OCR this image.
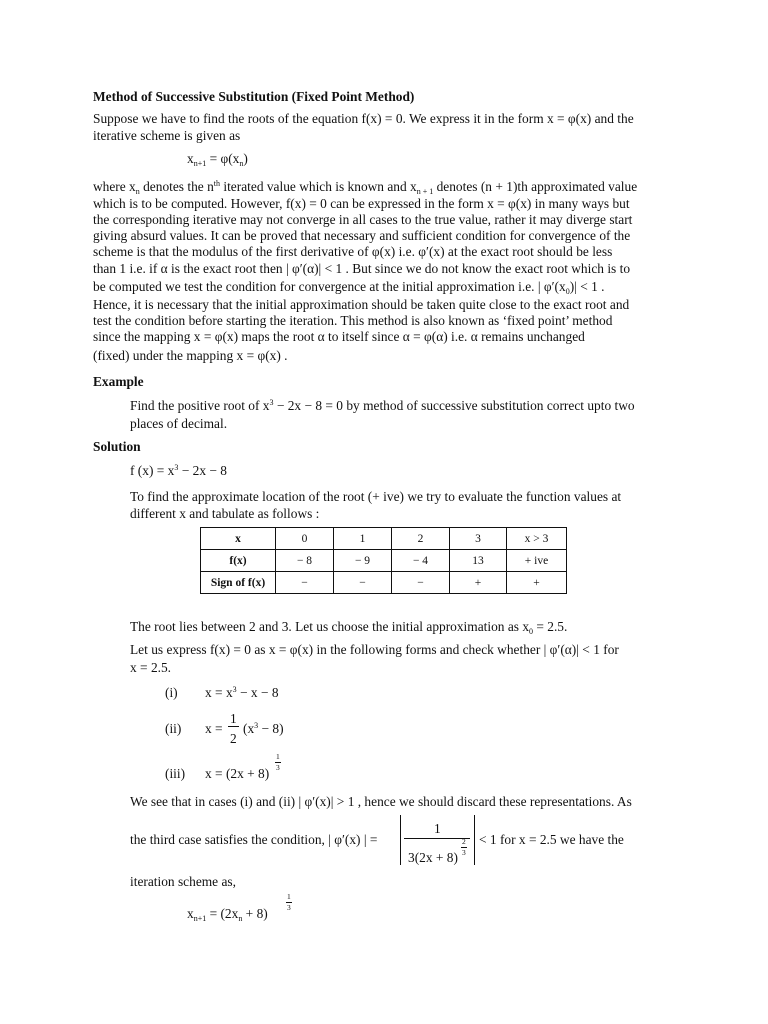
Method of Successive Substitution (Fixed Point Method)
Suppose we have to find the roots of the equation f(x) = 0. We express it in the form x = φ(x) and the
iterative scheme is given as
$x_{n+1} = \varphi(x_n)$
where $x_n$ denotes the $n^{th}$ iterated value which is known and $x_{n + 1}$ denotes (n + 1)th approximated value
which is to be computed. However, f(x) = 0 can be expressed in the form x = φ(x) in many ways but
the corresponding iterative may not converge in all cases to the true value, rather it may diverge start
giving absurd values. It can be proved that necessary and sufficient condition for convergence of the
scheme is that the modulus of the first derivative of φ(x) i.e. φ′(x) at the exact root should be less
than 1 i.e. if α is the exact root then | φ′(α)| < 1 . But since we do not know the exact root which is to
be computed we test the condition for convergence at the initial approximation i.e. | $\varphi'(x_0)| < 1$ .
Hence, it is necessary that the initial approximation should be taken quite close to the exact root and
test the condition before starting the iteration. This method is also known as ‘fixed point’ method
since the mapping x = φ(x) maps the root α to itself since α = φ(α) i.e. α remains unchanged
(fixed) under the mapping x = φ(x) .
Example
Find the positive root of $x^3 - 2x - 8 = 0$ by method of successive substitution correct upto two
places of decimal.
Solution
f $(x) = x^3 - 2x - 8$
To find the approximate location of the root (+ ive) we try to evaluate the function values at
different x and tabulate as follows :
x	0	1	2	3	x > 3
f(x)	− 8	− 9	− 4	13	+ ive
Sign of f(x)	−	−	−	+	+
The root lies between 2 and 3. Let us choose the initial approximation as $x_0 = 2.5$.
Let us express f(x) = 0 as x = φ(x) in the following forms and check whether | φ′(α)| < 1 for
x = 2.5.
(i) $x = x^3 - x - 8$
(ii) x =
1
2
$(x^3 - 8)$
(iii) x = (2x + 8)
1
3
We see that in cases (i) and (ii) | φ′(x)| > 1 , hence we should discard these representations. As
the third case satisfies the condition, | φ′(x) | =
1
3(2x + 8)
2
3
< 1 for x = 2.5 we have the
iteration scheme as,
$x_{n+1} = (2x_n + 8)$
1
3
